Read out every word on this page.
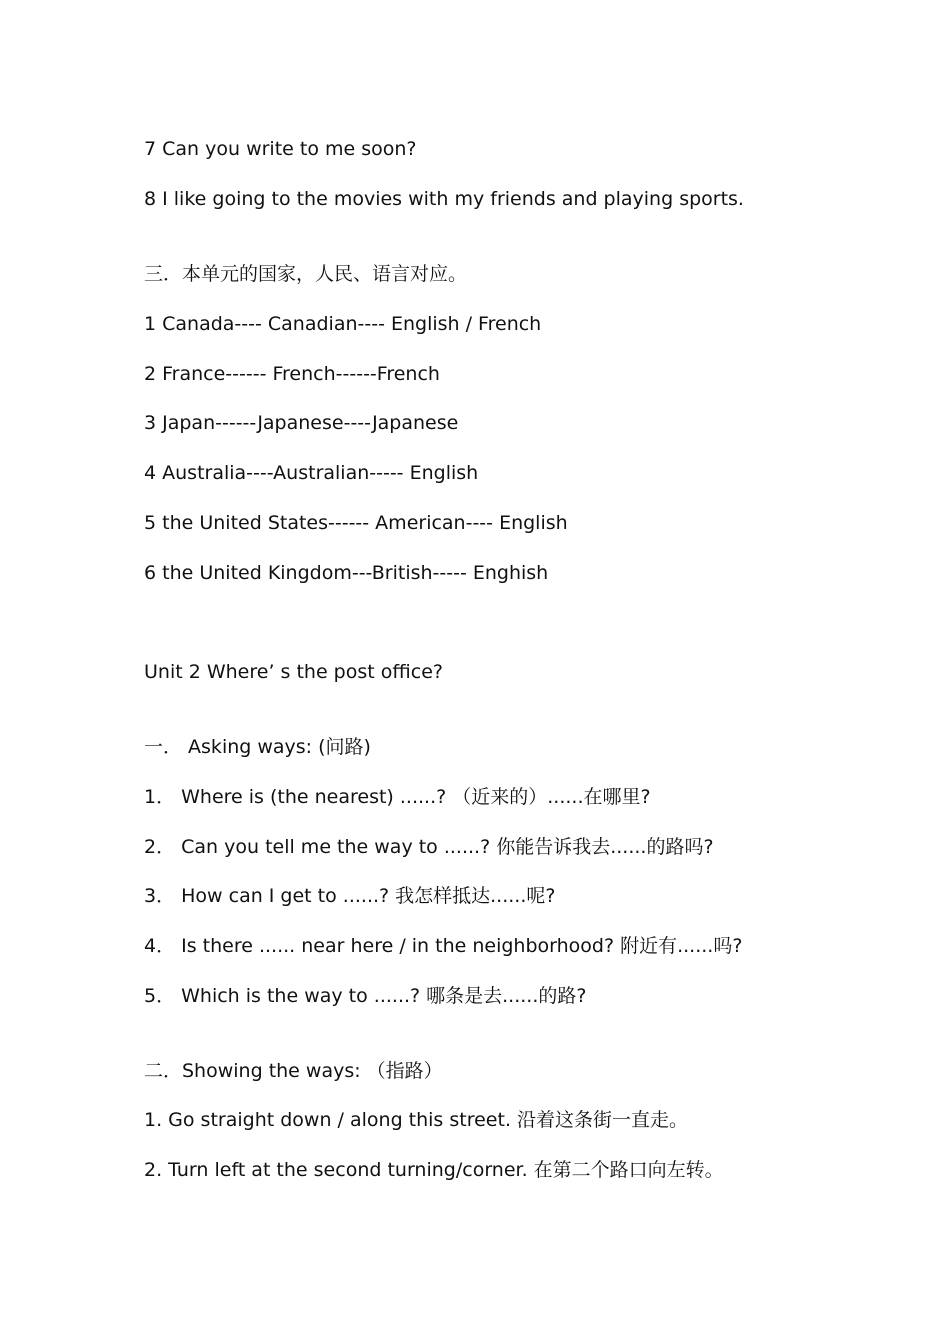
7 Can you write to me soon?
8 I like going to the movies with my friends and playing sports.
三．本单元的国家，人民、语言对应。
1 Canada---- Canadian---- English / French
2 France------ French------French
3 Japan------Japanese----Japanese
4 Australia----Australian----- English
5 the United States------ American---- English
6 the United Kingdom---British----- Enghish
Unit 2 Where’ s the post office?
一． Asking ways: (问路)
1． Where is (the nearest) ......? （近来的）......在哪里?
2． Can you tell me the way to ......? 你能告诉我去......的路吗?
3． How can I get to ......? 我怎样抵达......呢?
4． Is there ...... near here / in the neighborhood? 附近有......吗?
5． Which is the way to ......? 哪条是去......的路?
二．Showing the ways: （指路）
1. Go straight down / along this street. 沿着这条街一直走。
2. Turn left at the second turning/corner. 在第二个路口向左转。
